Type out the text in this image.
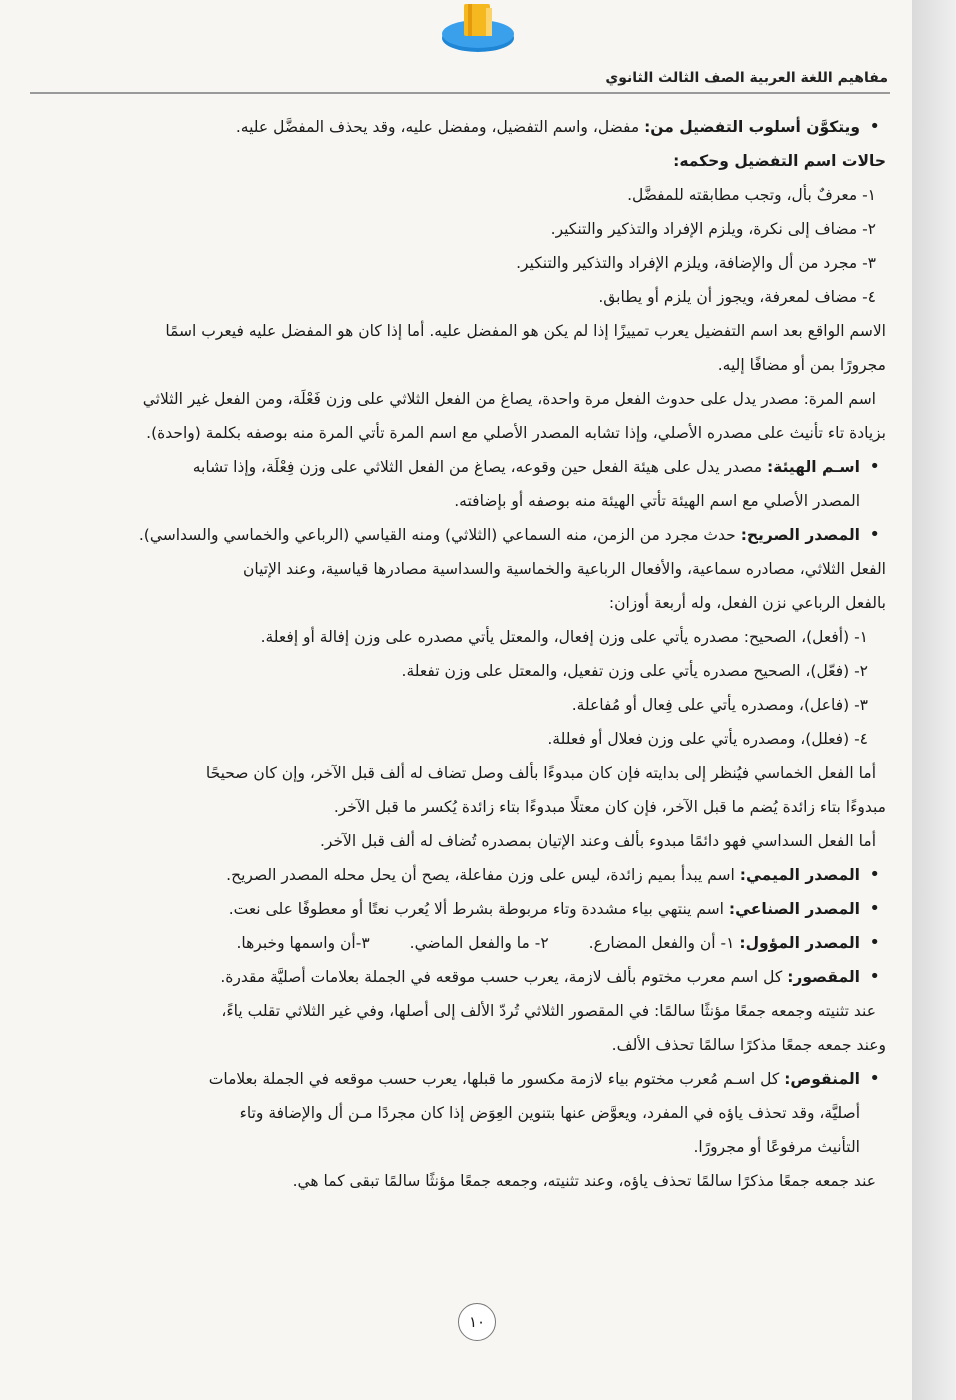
مفاهيم اللغة العربية الصف الثالث الثانوي

• ويتكوَّن أسلوب التفضيل من: مفضل، واسم التفضيل، ومفضل عليه، وقد يحذف المفضَّل عليه.

حالات اسم التفضيل وحكمه:

١- معرفٌ بأل، وتجب مطابقته للمفضَّل.

٢- مضاف إلى نكرة، ويلزم الإفراد والتذكير والتنكير.

٣- مجرد من أل والإضافة، ويلزم الإفراد والتذكير والتنكير.

٤- مضاف لمعرفة، ويجوز أن يلزم أو يطابق.

الاسم الواقع بعد اسم التفضيل يعرب تمييزًا إذا لم يكن هو المفضل عليه. أما إذا كان هو المفضل عليه فيعرب اسمًا

مجرورًا بمن أو مضافًا إليه.

اسم المرة: مصدر يدل على حدوث الفعل مرة واحدة، يصاغ من الفعل الثلاثي على وزن فَعْلَة، ومن الفعل غير الثلاثي

بزيادة تاء تأنيث على مصدره الأصلي، وإذا تشابه المصدر الأصلي مع اسم المرة تأتي المرة منه بوصفه بكلمة (واحدة).

• اسـم الهيئة: مصدر يدل على هيئة الفعل حين وقوعه، يصاغ من الفعل الثلاثي على وزن فِعْلَة، وإذا تشابه

المصدر الأصلي مع اسم الهيئة تأتي الهيئة منه بوصفه أو بإضافته.

• المصدر الصريح: حدث مجرد من الزمن، منه السماعي (الثلاثي) ومنه القياسي (الرباعي والخماسي والسداسي).

الفعل الثلاثي، مصادره سماعية، والأفعال الرباعية والخماسية والسداسية مصادرها قياسية، وعند الإتيان

بالفعل الرباعي نزن الفعل، وله أربعة أوزان:

١- (أفعل)، الصحيح: مصدره يأتي على وزن إفعال، والمعتل يأتي مصدره على وزن إفالة أو إفعلة.

٢- (فعّل)، الصحيح مصدره يأتي على وزن تفعيل، والمعتل على وزن تفعلة.

٣- (فاعل)، ومصدره يأتي على فِعال أو مُفاعلة.

٤- (فعلل)، ومصدره يأتي على وزن فعلال أو فعللة.

أما الفعل الخماسي فيُنظر إلى بدايته فإن كان مبدوءًا بألف وصل تضاف له ألف قبل الآخر، وإن كان صحيحًا

مبدوءًا بتاء زائدة يُضم ما قبل الآخر، فإن كان معتلًا مبدوءًا بتاء زائدة يُكسر ما قبل الآخر.

أما الفعل السداسي فهو دائمًا مبدوء بألف وعند الإتيان بمصدره تُضاف له ألف قبل الآخر.

• المصدر الميمي: اسم يبدأ بميم زائدة، ليس على وزن مفاعلة، يصح أن يحل محله المصدر الصريح.

• المصدر الصناعي: اسم ينتهي بياء مشددة وتاء مربوطة بشرط ألا يُعرب نعتًا أو معطوفًا على نعت.

• المصدر المؤول: ١- أن والفعل المضارع.
٢- ما والفعل الماضي.
٣-أن واسمها وخبرها.

• المقصور: كل اسم معرب مختوم بألف لازمة، يعرب حسب موقعه في الجملة بعلامات أصليَّة مقدرة.

عند تثنيته وجمعه جمعًا مؤنثًا سالمًا: في المقصور الثلاثي تُردّ الألف إلى أصلها، وفي غير الثلاثي تقلب ياءً،

وعند جمعه جمعًا مذكرًا سالمًا تحذف الألف.

• المنقوص: كل اسـم مُعرب مختوم بياء لازمة مكسور ما قبلها، يعرب حسب موقعه في الجملة بعلامات

أصليَّة، وقد تحذف ياؤه في المفرد، ويعوَّض عنها بتنوين العِوَض إذا كان مجردًا مـن أل والإضافة وتاء

التأنيث مرفوعًا أو مجرورًا.

عند جمعه جمعًا مذكرًا سالمًا تحذف ياؤه، وعند تثنيته، وجمعه جمعًا مؤنثًا سالمًا تبقى كما هي.

١٠
